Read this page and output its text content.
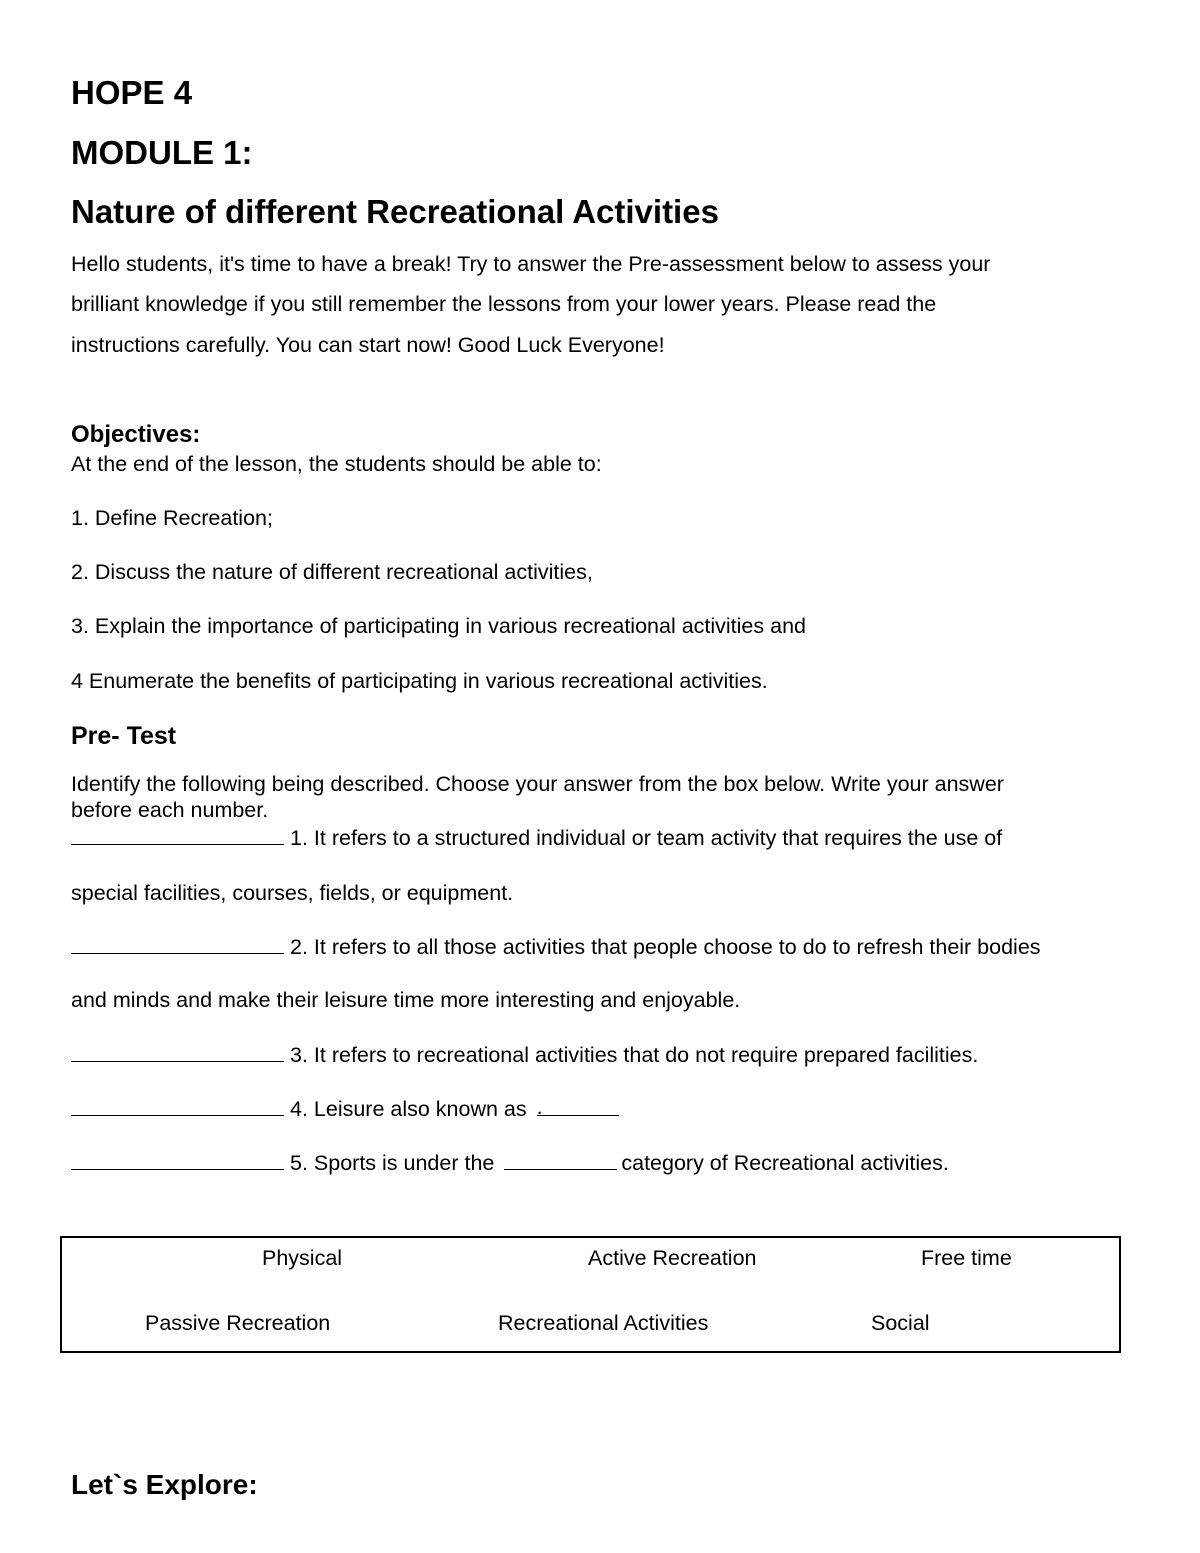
HOPE 4
MODULE 1:
Nature of different Recreational Activities
Hello students, it's time to have a break! Try to answer the Pre-assessment below to assess your
brilliant knowledge if you still remember the lessons from your lower years. Please read the
instructions carefully. You can start now! Good Luck Everyone!
Objectives:
At the end of the lesson, the students should be able to:
1. Define Recreation;
2. Discuss the nature of different recreational activities,
3. Explain the importance of participating in various recreational activities and
4 Enumerate the benefits of participating in various recreational activities.
Pre- Test
Identify the following being described. Choose your answer from the box below. Write your answer
before each number.
1. It refers to a structured individual or team activity that requires the use of
special facilities, courses, fields, or equipment.
2. It refers to all those activities that people choose to do to refresh their bodies
and minds and make their leisure time more interesting and enjoyable.
3. It refers to recreational activities that do not require prepared facilities.
4. Leisure also known as .
5. Sports is under the	category of Recreational activities.
Physical	Active Recreation	Free time
Passive Recreation	Recreational Activities	Social
Let`s Explore:
